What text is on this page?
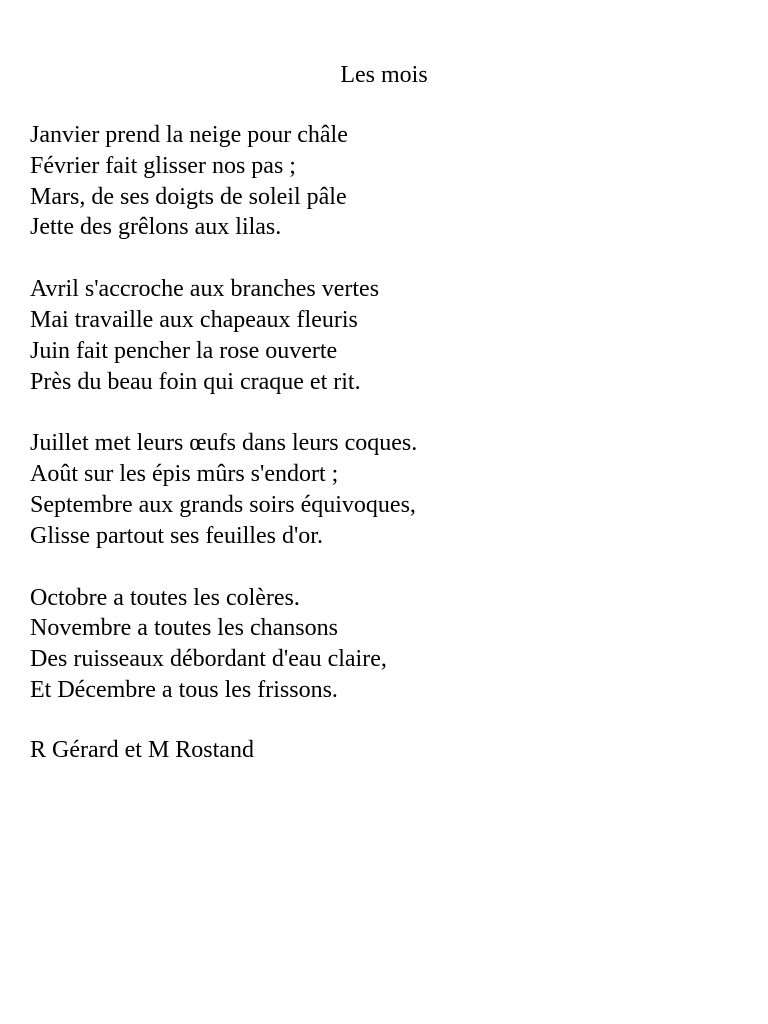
Les mois
Janvier prend la neige pour châle
Février fait glisser nos pas ;
Mars, de ses doigts de soleil pâle
Jette des grêlons aux lilas.
Avril s'accroche aux branches vertes
Mai travaille aux chapeaux fleuris
Juin fait pencher la rose ouverte
Près du beau foin qui craque et rit.
Juillet met leurs œufs dans leurs coques.
Août sur les épis mûrs s'endort ;
Septembre aux grands soirs équivoques,
Glisse partout ses feuilles d'or.
Octobre a toutes les colères.
Novembre a toutes les chansons
Des ruisseaux débordant d'eau claire,
Et Décembre a tous les frissons.
R Gérard et M Rostand
